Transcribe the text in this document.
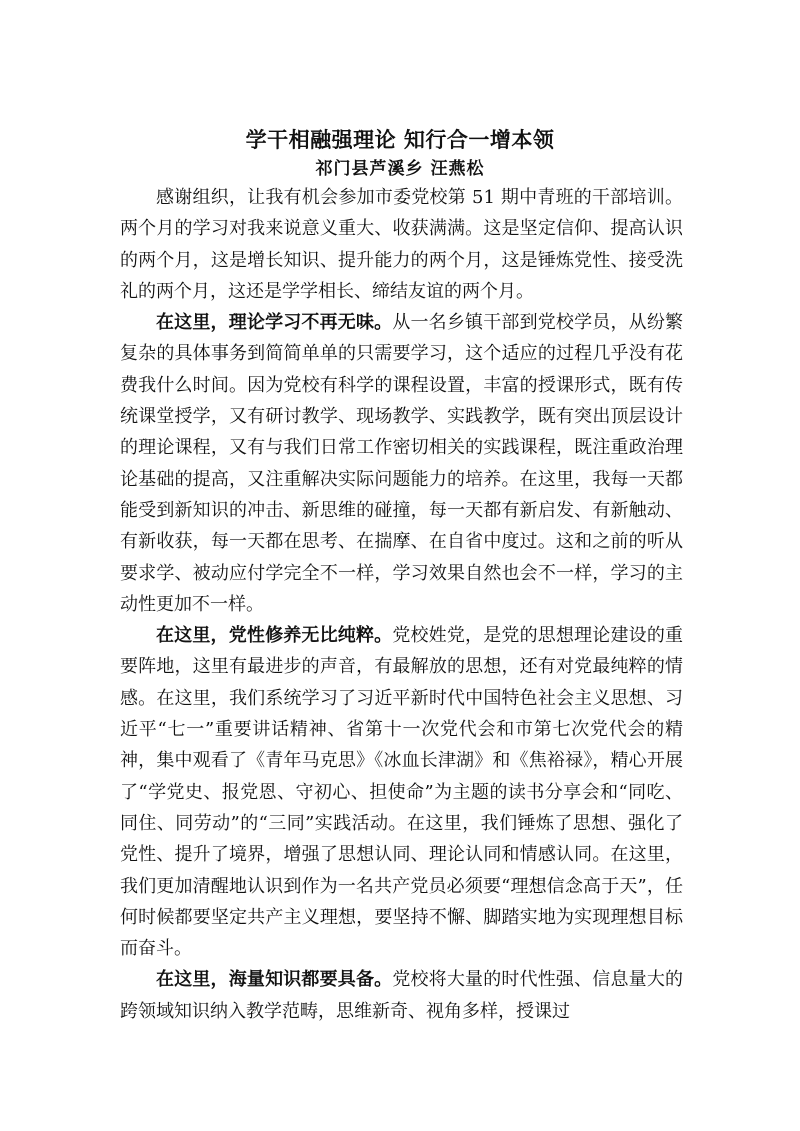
学干相融强理论 知行合一增本领

祁门县芦溪乡 汪燕松

感谢组织，让我有机会参加市委党校第 51 期中青班的干部培训。两个月的学习对我来说意义重大、收获满满。这是坚定信仰、提高认识的两个月，这是增长知识、提升能力的两个月，这是锤炼党性、接受洗礼的两个月，这还是学学相长、缔结友谊的两个月。

在这里，理论学习不再无味。从一名乡镇干部到党校学员，从纷繁复杂的具体事务到简简单单的只需要学习，这个适应的过程几乎没有花费我什么时间。因为党校有科学的课程设置，丰富的授课形式，既有传统课堂授学，又有研讨教学、现场教学、实践教学，既有突出顶层设计的理论课程，又有与我们日常工作密切相关的实践课程，既注重政治理论基础的提高，又注重解决实际问题能力的培养。在这里，我每一天都能受到新知识的冲击、新思维的碰撞，每一天都有新启发、有新触动、有新收获，每一天都在思考、在揣摩、在自省中度过。这和之前的听从要求学、被动应付学完全不一样，学习效果自然也会不一样，学习的主动性更加不一样。

在这里，党性修养无比纯粹。党校姓党，是党的思想理论建设的重要阵地，这里有最进步的声音，有最解放的思想，还有对党最纯粹的情感。在这里，我们系统学习了习近平新时代中国特色社会主义思想、习近平“七一”重要讲话精神、省第十一次党代会和市第七次党代会的精神，集中观看了《青年马克思》《冰血长津湖》和《焦裕禄》，精心开展了“学党史、报党恩、守初心、担使命”为主题的读书分享会和“同吃、同住、同劳动”的“三同”实践活动。在这里，我们锤炼了思想、强化了党性、提升了境界，增强了思想认同、理论认同和情感认同。在这里，我们更加清醒地认识到作为一名共产党员必须要“理想信念高于天”，任何时候都要坚定共产主义理想，要坚持不懈、脚踏实地为实现理想目标而奋斗。

在这里，海量知识都要具备。党校将大量的时代性强、信息量大的跨领域知识纳入教学范畴，思维新奇、视角多样，授课过
